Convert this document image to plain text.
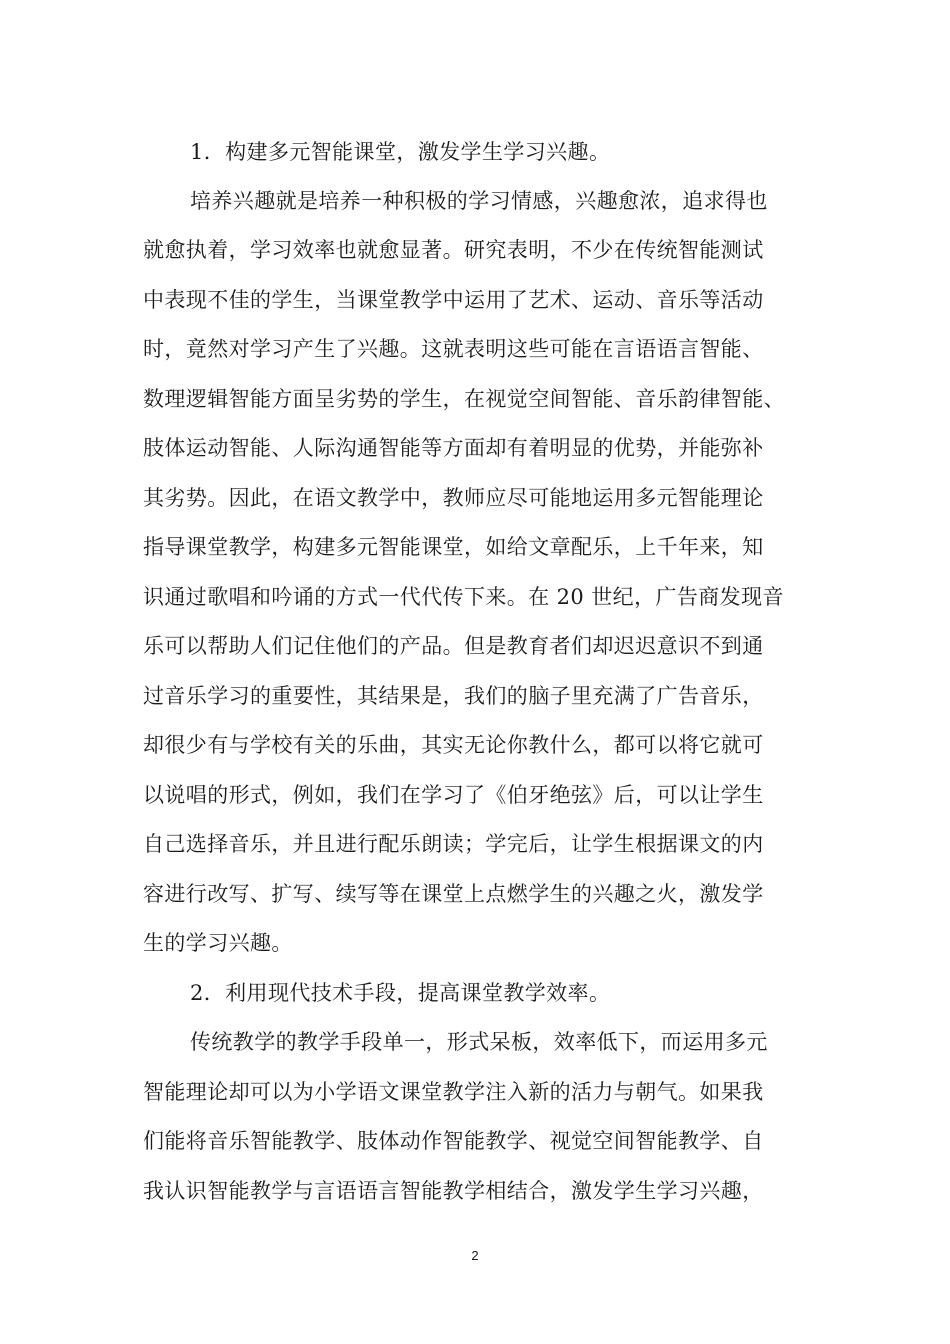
1．构建多元智能课堂，激发学生学习兴趣。
培养兴趣就是培养一种积极的学习情感，兴趣愈浓，追求得也
就愈执着，学习效率也就愈显著。研究表明，不少在传统智能测试
中表现不佳的学生，当课堂教学中运用了艺术、运动、音乐等活动
时，竟然对学习产生了兴趣。这就表明这些可能在言语语言智能、
数理逻辑智能方面呈劣势的学生，在视觉空间智能、音乐韵律智能、
肢体运动智能、人际沟通智能等方面却有着明显的优势，并能弥补
其劣势。因此，在语文教学中，教师应尽可能地运用多元智能理论
指导课堂教学，构建多元智能课堂，如给文章配乐，上千年来，知
识通过歌唱和吟诵的方式一代代传下来。在 20 世纪，广告商发现音
乐可以帮助人们记住他们的产品。但是教育者们却迟迟意识不到通
过音乐学习的重要性，其结果是，我们的脑子里充满了广告音乐，
却很少有与学校有关的乐曲，其实无论你教什么，都可以将它就可
以说唱的形式，例如，我们在学习了《伯牙绝弦》后，可以让学生
自己选择音乐，并且进行配乐朗读；学完后，让学生根据课文的内
容进行改写、扩写、续写等在课堂上点燃学生的兴趣之火，激发学
生的学习兴趣。
2．利用现代技术手段，提高课堂教学效率。
传统教学的教学手段单一，形式呆板，效率低下，而运用多元
智能理论却可以为小学语文课堂教学注入新的活力与朝气。如果我
们能将音乐智能教学、肢体动作智能教学、视觉空间智能教学、自
我认识智能教学与言语语言智能教学相结合，激发学生学习兴趣，
2
